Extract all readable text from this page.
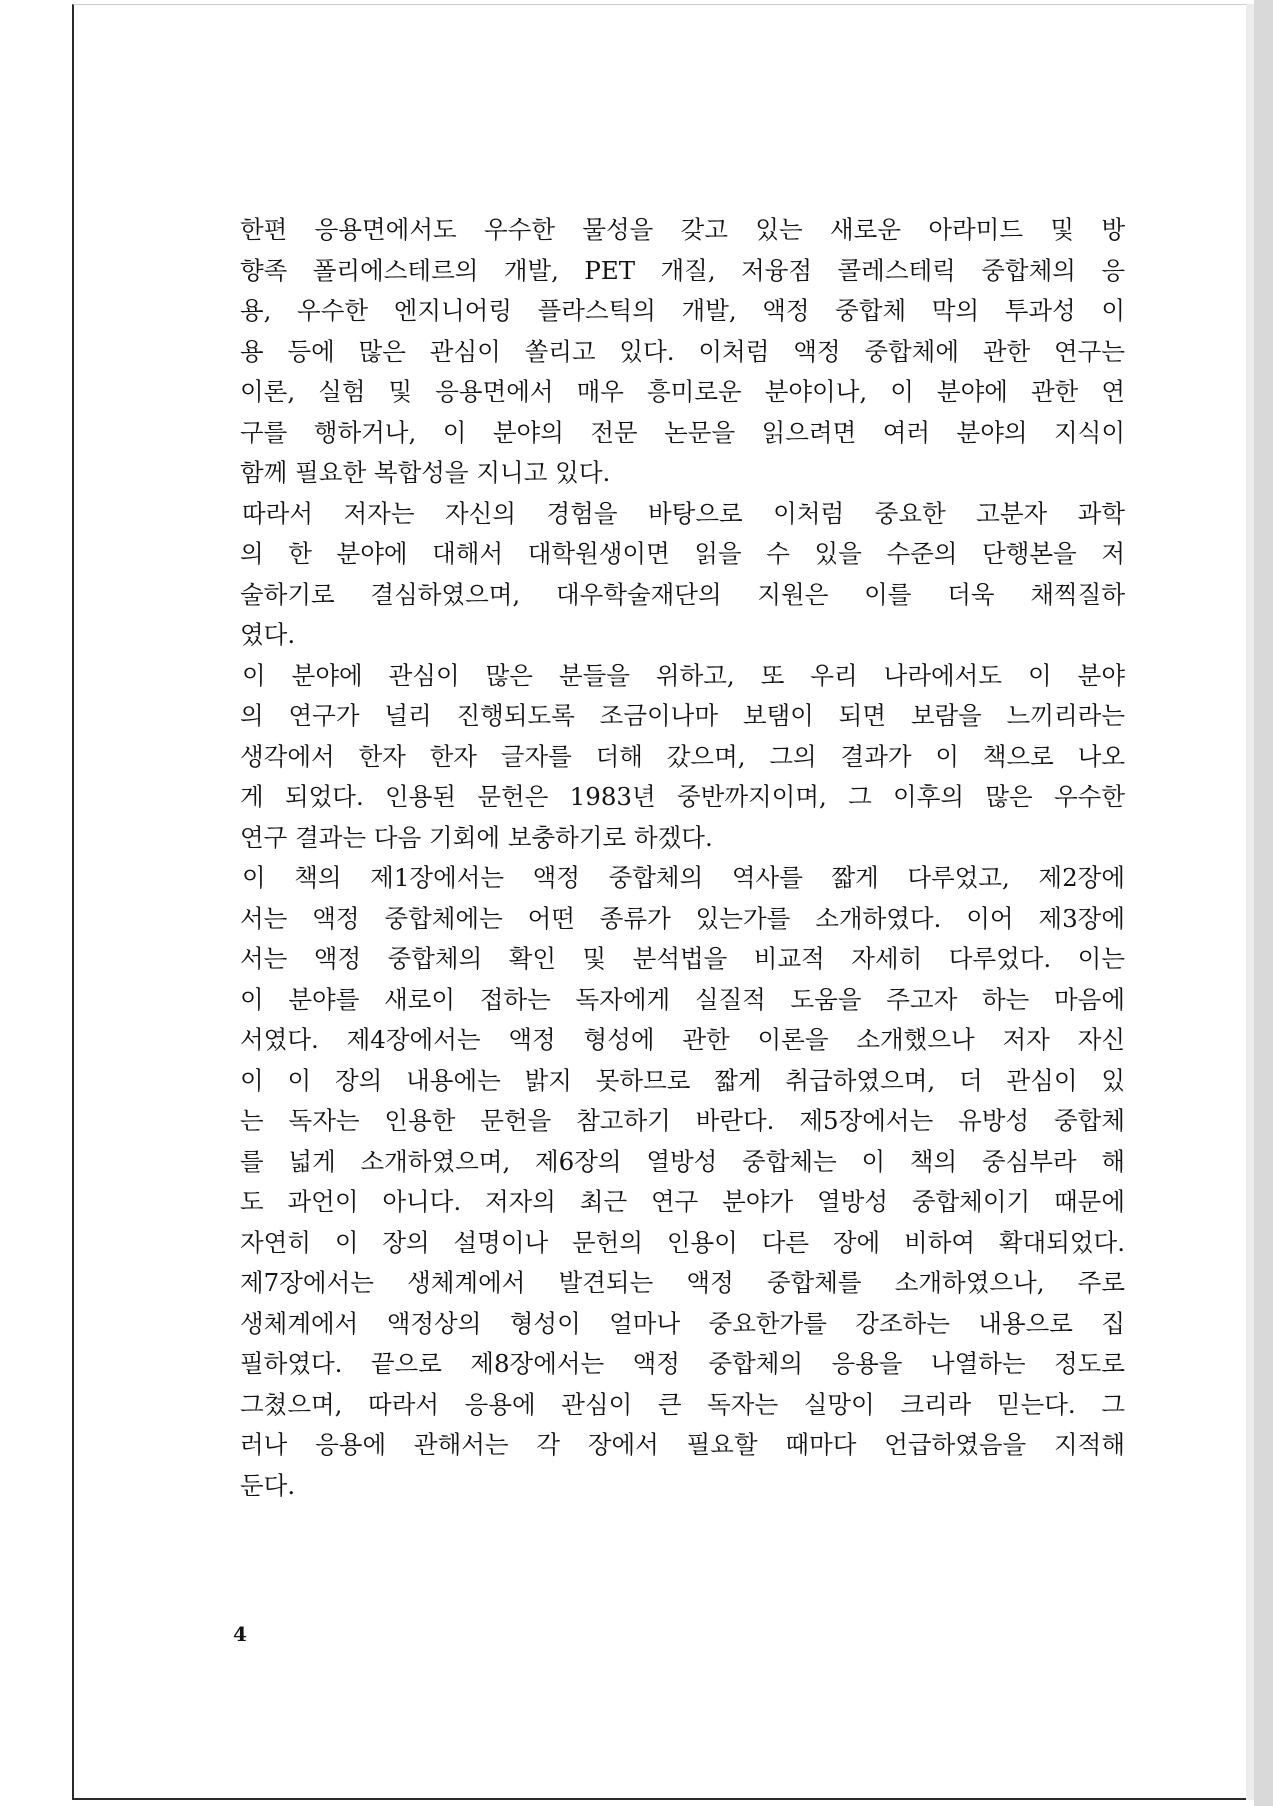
한편 응용면에서도 우수한 물성을 갖고 있는 새로운 아라미드 및 방
향족 폴리에스테르의 개발, PET 개질, 저융점 콜레스테릭 중합체의 응
용, 우수한 엔지니어링 플라스틱의 개발, 액정 중합체 막의 투과성 이
용 등에 많은 관심이 쏠리고 있다. 이처럼 액정 중합체에 관한 연구는
이론, 실험 및 응용면에서 매우 흥미로운 분야이나, 이 분야에 관한 연
구를 행하거나, 이 분야의 전문 논문을 읽으려면 여러 분야의 지식이
함께 필요한 복합성을 지니고 있다.
따라서 저자는 자신의 경험을 바탕으로 이처럼 중요한 고분자 과학
의 한 분야에 대해서 대학원생이면 읽을 수 있을 수준의 단행본을 저
술하기로 결심하였으며, 대우학술재단의 지원은 이를 더욱 채찍질하
였다.
이 분야에 관심이 많은 분들을 위하고, 또 우리 나라에서도 이 분야
의 연구가 널리 진행되도록 조금이나마 보탬이 되면 보람을 느끼리라는
생각에서 한자 한자 글자를 더해 갔으며, 그의 결과가 이 책으로 나오
게 되었다. 인용된 문헌은 1983년 중반까지이며, 그 이후의 많은 우수한
연구 결과는 다음 기회에 보충하기로 하겠다.
이 책의 제1장에서는 액정 중합체의 역사를 짧게 다루었고, 제2장에
서는 액정 중합체에는 어떤 종류가 있는가를 소개하였다. 이어 제3장에
서는 액정 중합체의 확인 및 분석법을 비교적 자세히 다루었다. 이는
이 분야를 새로이 접하는 독자에게 실질적 도움을 주고자 하는 마음에
서였다. 제4장에서는 액정 형성에 관한 이론을 소개했으나 저자 자신
이 이 장의 내용에는 밝지 못하므로 짧게 취급하였으며, 더 관심이 있
는 독자는 인용한 문헌을 참고하기 바란다. 제5장에서는 유방성 중합체
를 넓게 소개하였으며, 제6장의 열방성 중합체는 이 책의 중심부라 해
도 과언이 아니다. 저자의 최근 연구 분야가 열방성 중합체이기 때문에
자연히 이 장의 설명이나 문헌의 인용이 다른 장에 비하여 확대되었다.
제7장에서는 생체계에서 발견되는 액정 중합체를 소개하였으나, 주로
생체계에서 액정상의 형성이 얼마나 중요한가를 강조하는 내용으로 집
필하였다. 끝으로 제8장에서는 액정 중합체의 응용을 나열하는 정도로
그쳤으며, 따라서 응용에 관심이 큰 독자는 실망이 크리라 믿는다. 그
러나 응용에 관해서는 각 장에서 필요할 때마다 언급하였음을 지적해
둔다.
4
